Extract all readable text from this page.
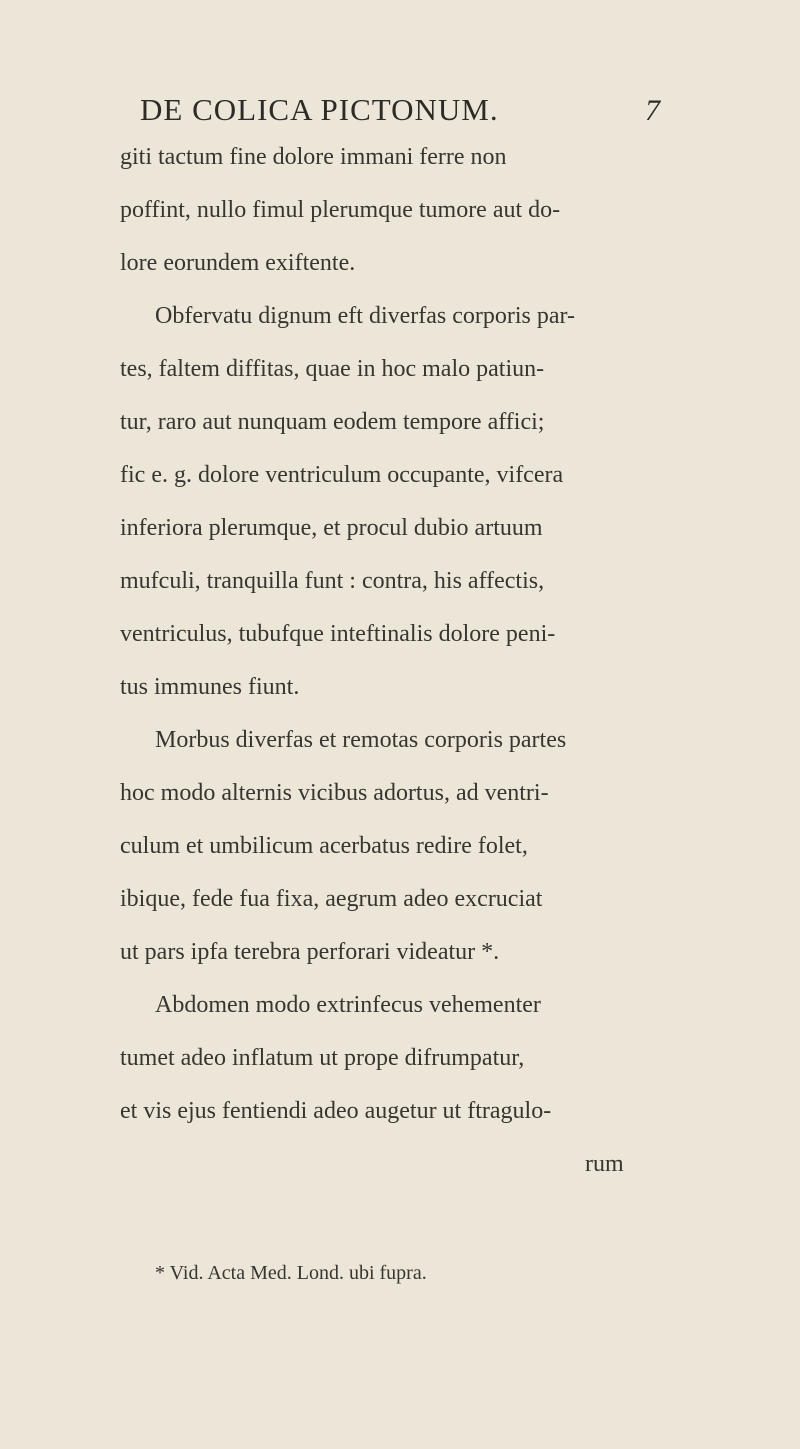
DE COLICA PICTONUM.	7
giti tactum fine dolore immani ferre non
poffint, nullo fimul plerumque tumore aut do-
lore eorundem exiftente.
Obfervatu dignum eft diverfas corporis par-
tes, faltem diffitas, quae in hoc malo patiun-
tur, raro aut nunquam eodem tempore affici;
fic e. g. dolore ventriculum occupante, vifcera
inferiora plerumque, et procul dubio artuum
mufculi, tranquilla funt : contra, his affectis,
ventriculus, tubufque inteftinalis dolore peni-
tus immunes fiunt.
Morbus diverfas et remotas corporis partes
hoc modo alternis vicibus adortus, ad ventri-
culum et umbilicum acerbatus redire folet,
ibique, fede fua fixa, aegrum adeo excruciat
ut pars ipfa terebra perforari videatur *.
Abdomen modo extrinfecus vehementer
tumet adeo inflatum ut prope difrumpatur,
et vis ejus fentiendi adeo augetur ut ftragulo-
rum
* Vid. Acta Med. Lond. ubi fupra.
